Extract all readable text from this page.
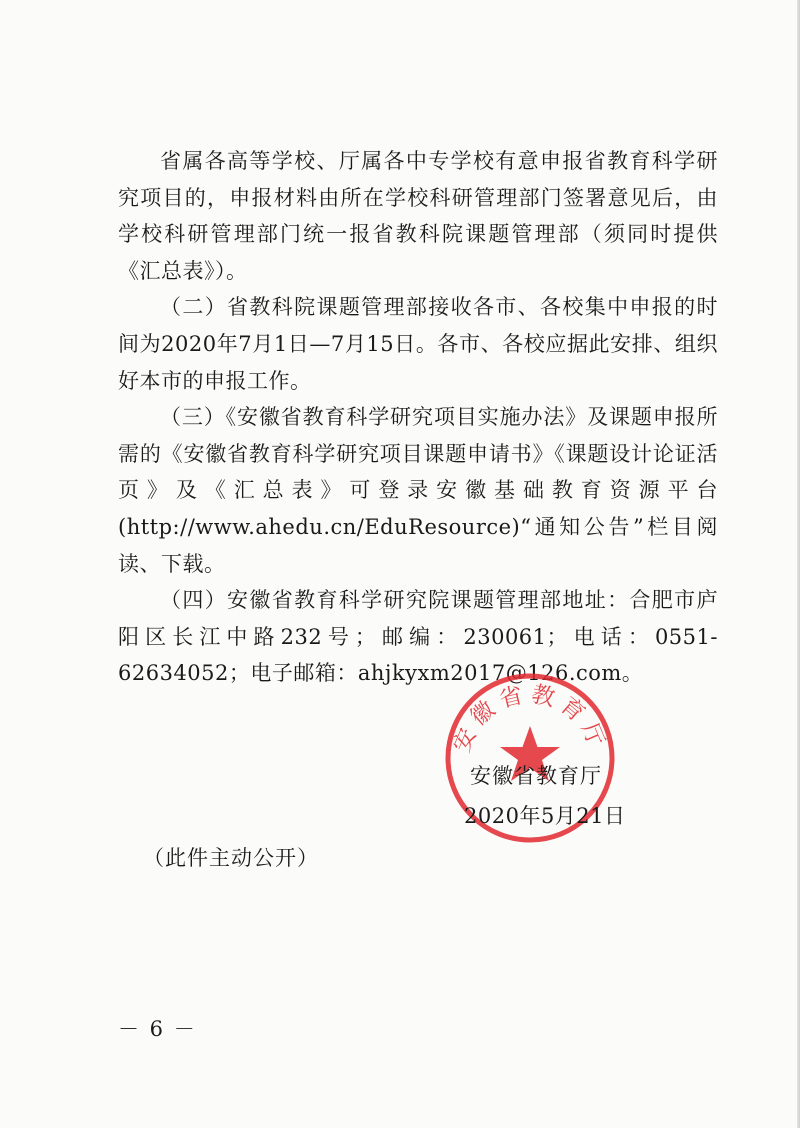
省属各高等学校、厅属各中专学校有意申报省教育科学研究项目的，申报材料由所在学校科研管理部门签署意见后，由学校科研管理部门统一报省教科院课题管理部（须同时提供《汇总表》）。

（二）省教科院课题管理部接收各市、各校集中申报的时间为2020年7月1日—7月15日。各市、各校应据此安排、组织好本市的申报工作。

（三）《安徽省教育科学研究项目实施办法》及课题申报所需的《安徽省教育科学研究项目课题申请书》《课题设计论证活页》及《汇总表》可登录安徽基础教育资源平台(http://www.ahedu.cn/EduResource)“通知公告”栏目阅读、下载。

（四）安徽省教育科学研究院课题管理部地址：合肥市庐阳区长江中路232号；邮编：230061；电话：0551-62634052；电子邮箱：ahjkyxm2017@126.com。

安徽省教育厅
安徽省教育厅
2020年5月21日
（此件主动公开）
－ 6 －
